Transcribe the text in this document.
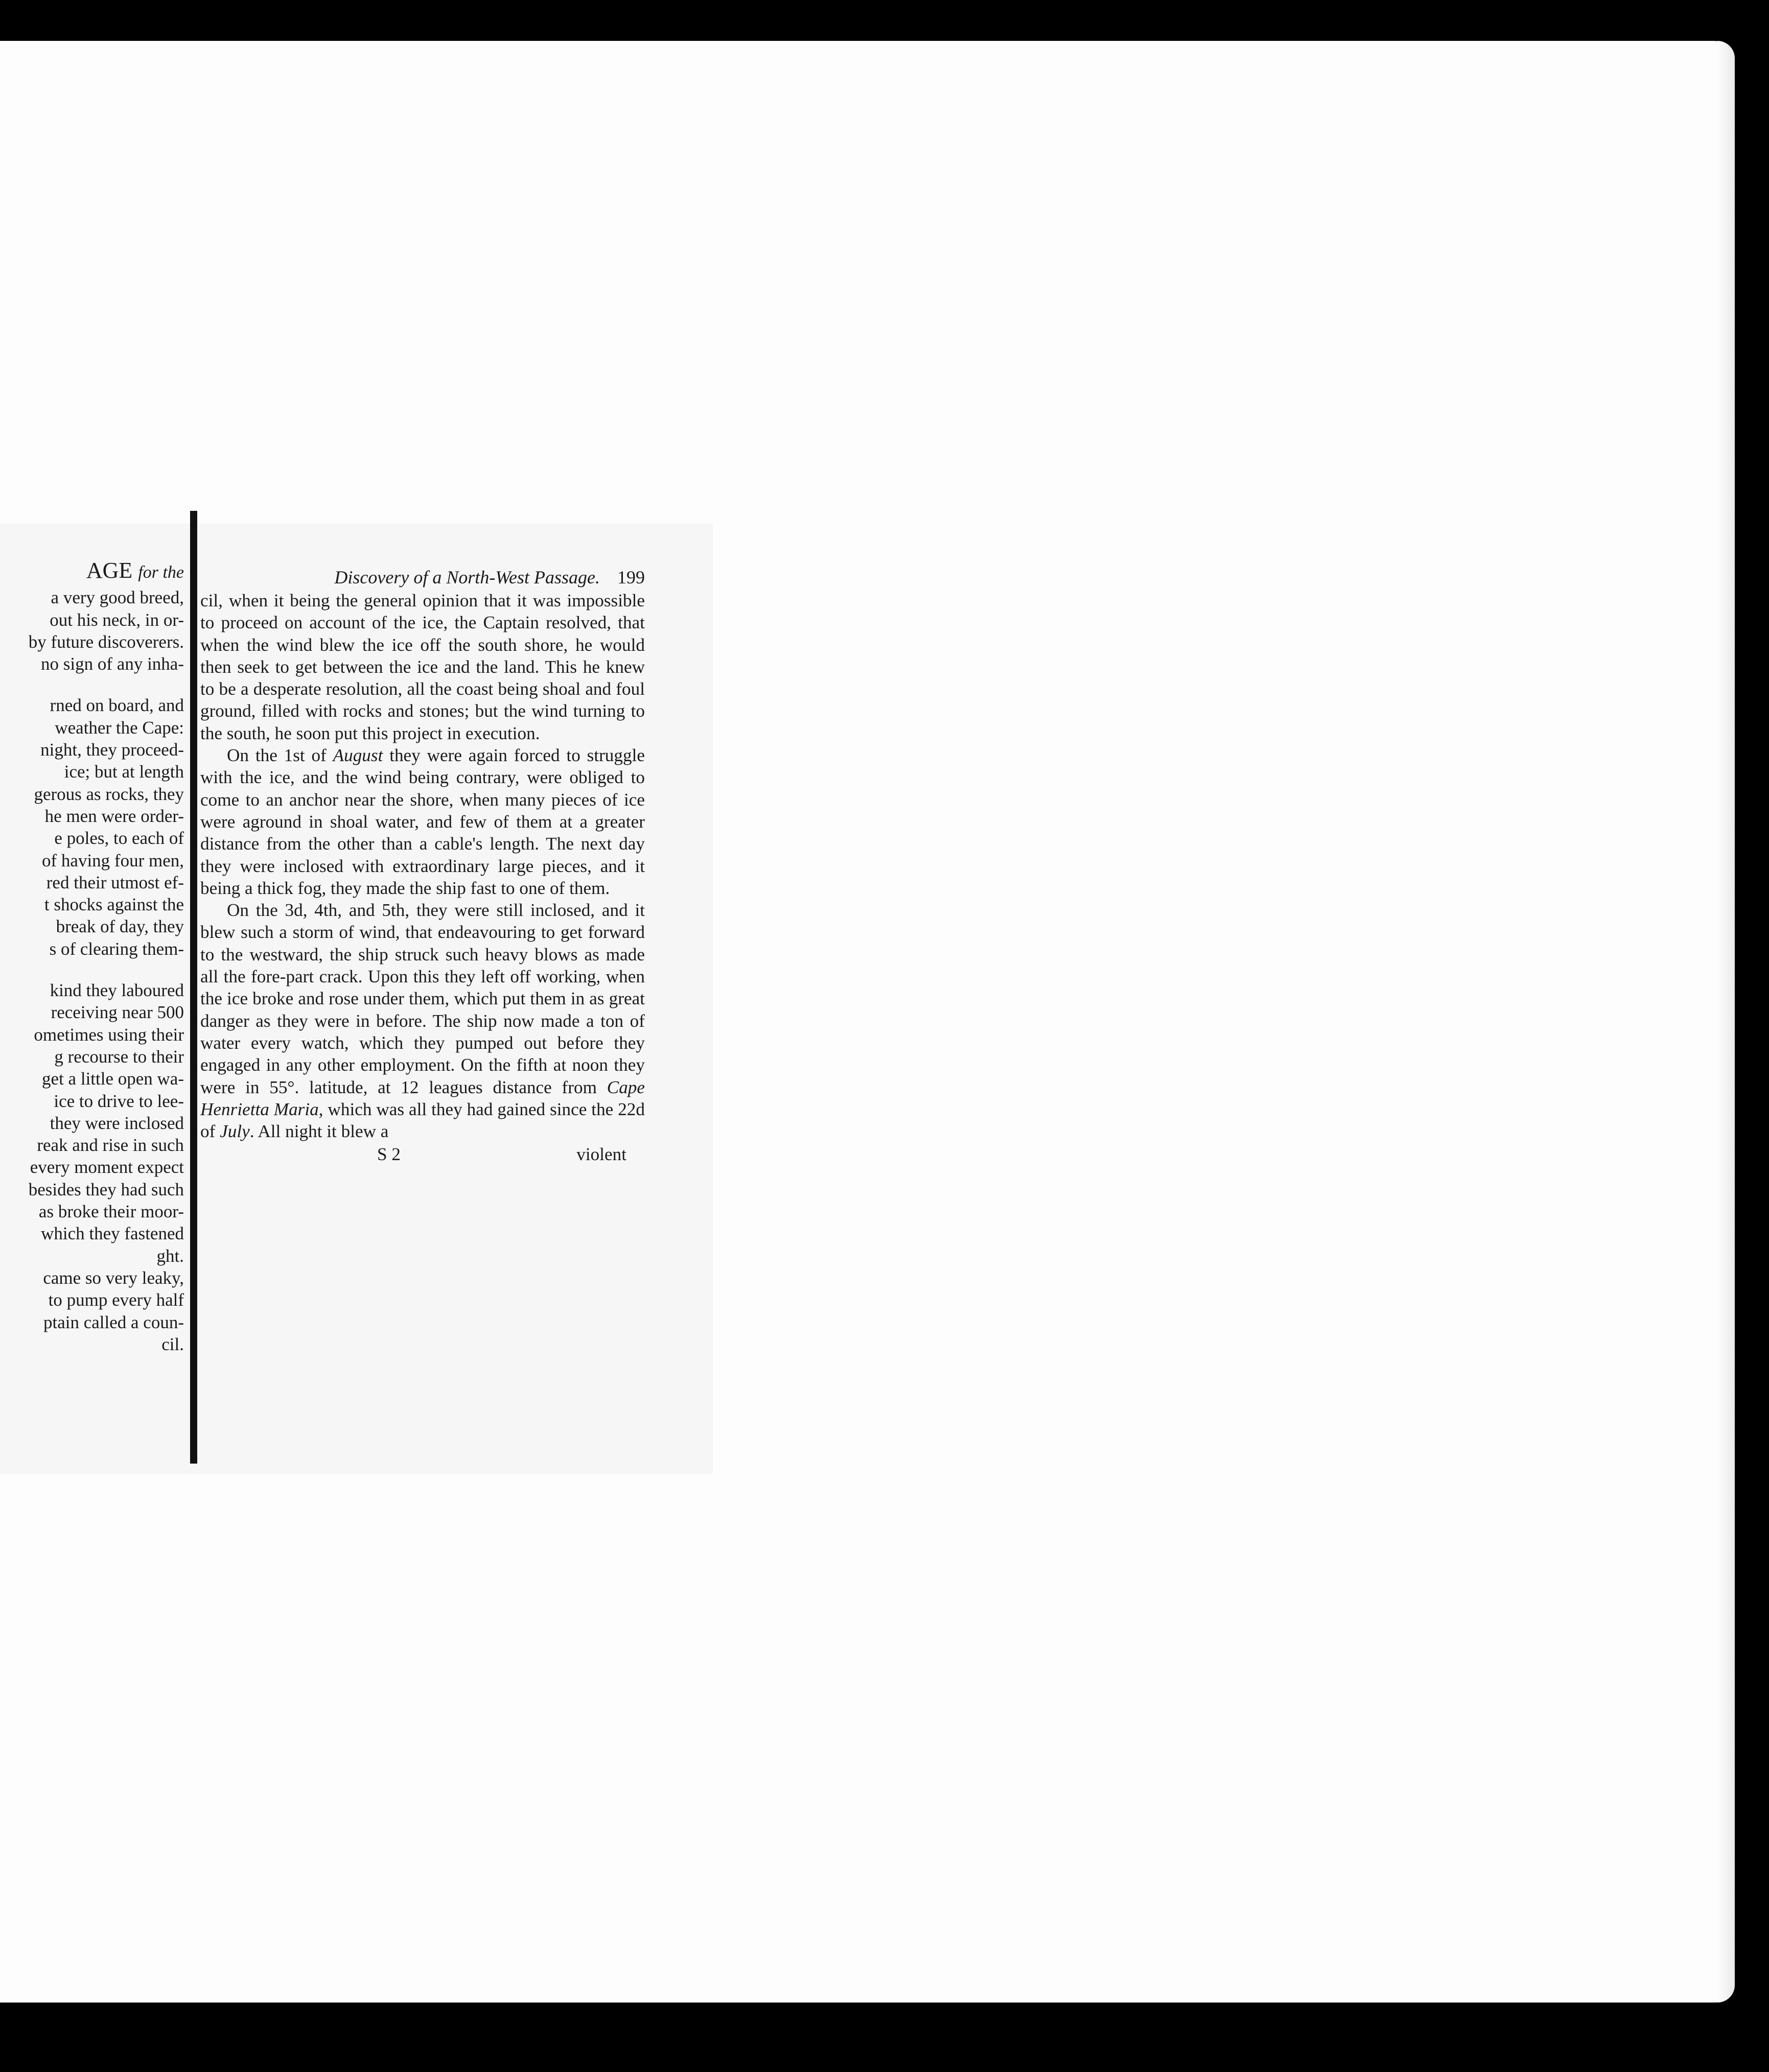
AGE for the
a very good breed,
out his neck, in or-
by future discoverers.
no sign of any inha-
rned on board, and
weather the Cape:
night, they proceed-
ice; but at length
gerous as rocks, they
he men were order-
e poles, to each of
of having four men,
red their utmost ef-
t shocks against the
break of day, they
s of clearing them-
kind they laboured
receiving near 500
ometimes using their
g recourse to their
get a little open wa-
ice to drive to lee-
they were inclosed
reak and rise in such
every moment expect
besides they had such
as broke their moor-
which they fastened
ght.
came so very leaky,
to pump every half
ptain called a coun-
cil.
Discovery of a North-West Passage. 199

cil, when it being the general opinion that it was impossible to proceed on account of the ice, the Captain resolved, that when the wind blew the ice off the south shore, he would then seek to get between the ice and the land. This he knew to be a desperate resolution, all the coast being shoal and foul ground, filled with rocks and stones; but the wind turning to the south, he soon put this project in execution.

On the 1st of August they were again forced to struggle with the ice, and the wind being contrary, were obliged to come to an anchor near the shore, when many pieces of ice were aground in shoal water, and few of them at a greater distance from the other than a cable's length. The next day they were inclosed with extraordinary large pieces, and it being a thick fog, they made the ship fast to one of them.

On the 3d, 4th, and 5th, they were still inclosed, and it blew such a storm of wind, that endeavouring to get forward to the westward, the ship struck such heavy blows as made all the fore-part crack. Upon this they left off working, when the ice broke and rose under them, which put them in as great danger as they were in before. The ship now made a ton of water every watch, which they pumped out before they engaged in any other employment. On the fifth at noon they were in 55°. latitude, at 12 leagues distance from Cape Henrietta Maria, which was all they had gained since the 22d of July. All night it blew a

S 2	violent
